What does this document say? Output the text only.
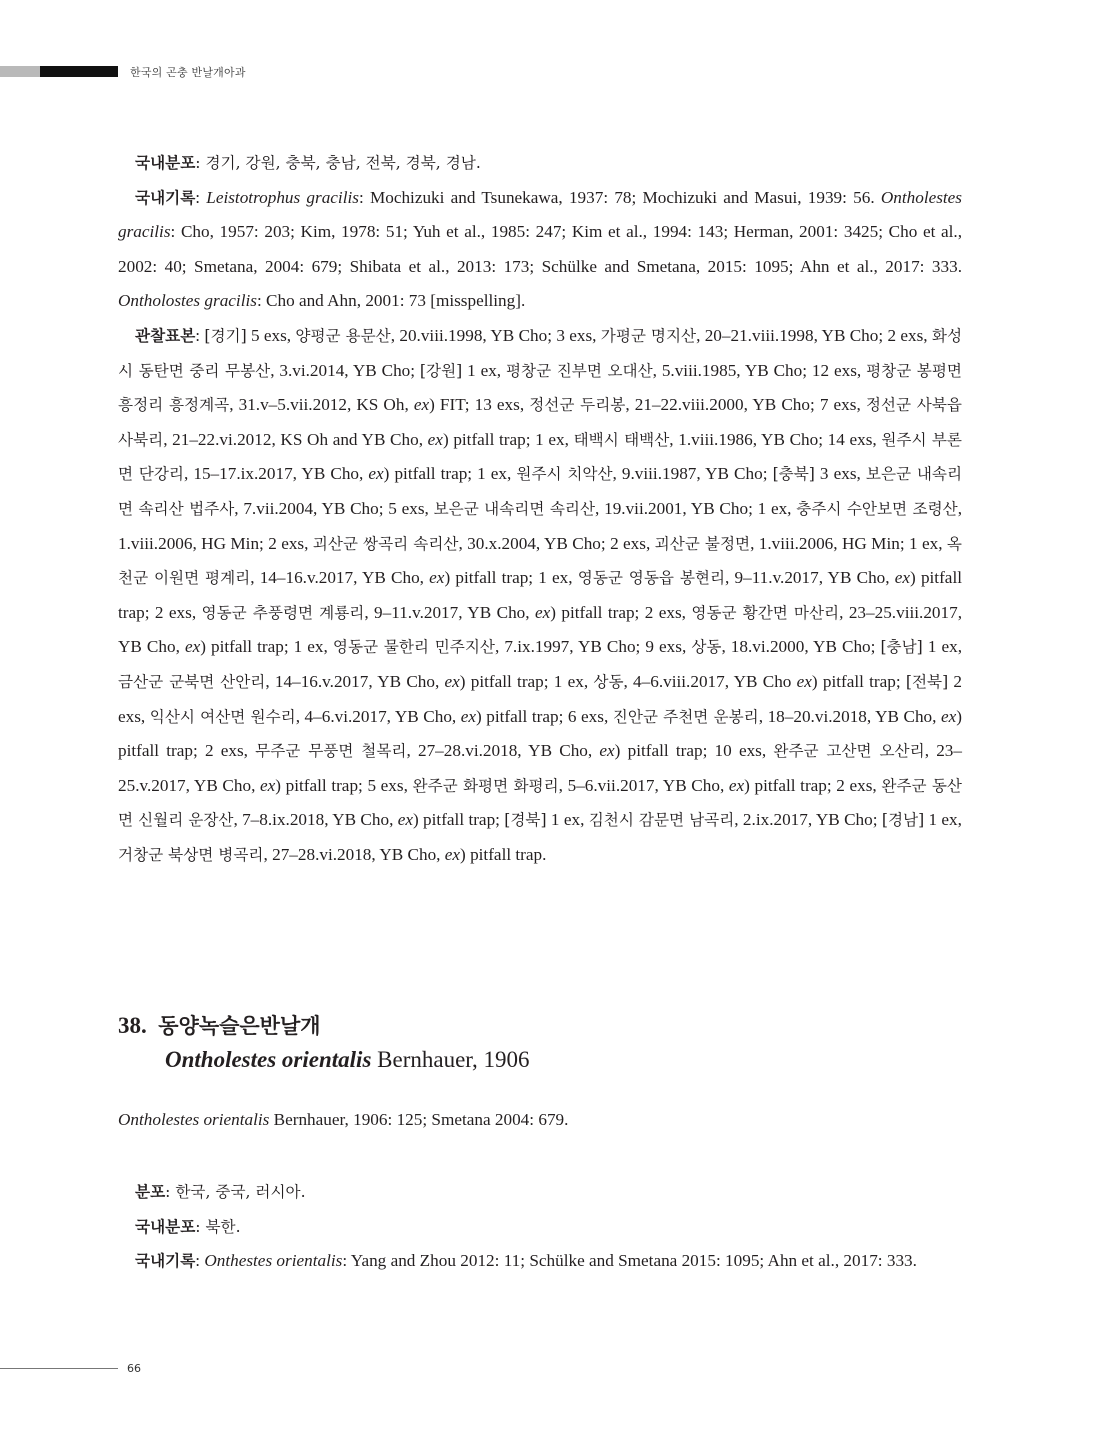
한국의 곤충 반날개아과

국내분포: 경기, 강원, 충북, 충남, 전북, 경북, 경남.

국내기록: Leistotrophus gracilis: Mochizuki and Tsunekawa, 1937: 78; Mochizuki and Masui, 1939: 56. Ontholestes gracilis: Cho, 1957: 203; Kim, 1978: 51; Yuh et al., 1985: 247; Kim et al., 1994: 143; Herman, 2001: 3425; Cho et al., 2002: 40; Smetana, 2004: 679; Shibata et al., 2013: 173; Schülke and Smetana, 2015: 1095; Ahn et al., 2017: 333. Ontholostes gracilis: Cho and Ahn, 2001: 73 [misspelling].

관찰표본: [경기] 5 exs, 양평군 용문산, 20.viii.1998, YB Cho; 3 exs, 가평군 명지산, 20–21.viii.1998, YB Cho; 2 exs, 화성시 동탄면 중리 무봉산, 3.vi.2014, YB Cho; [강원] 1 ex, 평창군 진부면 오대산, 5.viii.1985, YB Cho; 12 exs, 평창군 봉평면 흥정리 흥정계곡, 31.v–5.vii.2012, KS Oh, ex) FIT; 13 exs, 정선군 두리봉, 21–22.viii.2000, YB Cho; 7 exs, 정선군 사북읍 사북리, 21–22.vi.2012, KS Oh and YB Cho, ex) pitfall trap; 1 ex, 태백시 태백산, 1.viii.1986, YB Cho; 14 exs, 원주시 부론면 단강리, 15–17.ix.2017, YB Cho, ex) pitfall trap; 1 ex, 원주시 치악산, 9.viii.1987, YB Cho; [충북] 3 exs, 보은군 내속리면 속리산 법주사, 7.vii.2004, YB Cho; 5 exs, 보은군 내속리면 속리산, 19.vii.2001, YB Cho; 1 ex, 충주시 수안보면 조령산, 1.viii.2006, HG Min; 2 exs, 괴산군 쌍곡리 속리산, 30.x.2004, YB Cho; 2 exs, 괴산군 불정면, 1.viii.2006, HG Min; 1 ex, 옥천군 이원면 평계리, 14–16.v.2017, YB Cho, ex) pitfall trap; 1 ex, 영동군 영동읍 봉현리, 9–11.v.2017, YB Cho, ex) pitfall trap; 2 exs, 영동군 추풍령면 계룡리, 9–11.v.2017, YB Cho, ex) pitfall trap; 2 exs, 영동군 황간면 마산리, 23–25.viii.2017, YB Cho, ex) pitfall trap; 1 ex, 영동군 물한리 민주지산, 7.ix.1997, YB Cho; 9 exs, 상동, 18.vi.2000, YB Cho; [충남] 1 ex, 금산군 군북면 산안리, 14–16.v.2017, YB Cho, ex) pitfall trap; 1 ex, 상동, 4–6.viii.2017, YB Cho ex) pitfall trap; [전북] 2 exs, 익산시 여산면 원수리, 4–6.vi.2017, YB Cho, ex) pitfall trap; 6 exs, 진안군 주천면 운봉리, 18–20.vi.2018, YB Cho, ex) pitfall trap; 2 exs, 무주군 무풍면 철목리, 27–28.vi.2018, YB Cho, ex) pitfall trap; 10 exs, 완주군 고산면 오산리, 23–25.v.2017, YB Cho, ex) pitfall trap; 5 exs, 완주군 화평면 화평리, 5–6.vii.2017, YB Cho, ex) pitfall trap; 2 exs, 완주군 동산면 신월리 운장산, 7–8.ix.2018, YB Cho, ex) pitfall trap; [경북] 1 ex, 김천시 감문면 남곡리, 2.ix.2017, YB Cho; [경남] 1 ex, 거창군 북상면 병곡리, 27–28.vi.2018, YB Cho, ex) pitfall trap.

38. 동양녹슬은반날개
Ontholestes orientalis Bernhauer, 1906

Ontholestes orientalis Bernhauer, 1906: 125; Smetana 2004: 679.

분포: 한국, 중국, 러시아.

국내분포: 북한.

국내기록: Onthestes orientalis: Yang and Zhou 2012: 11; Schülke and Smetana 2015: 1095; Ahn et al., 2017: 333.

66
